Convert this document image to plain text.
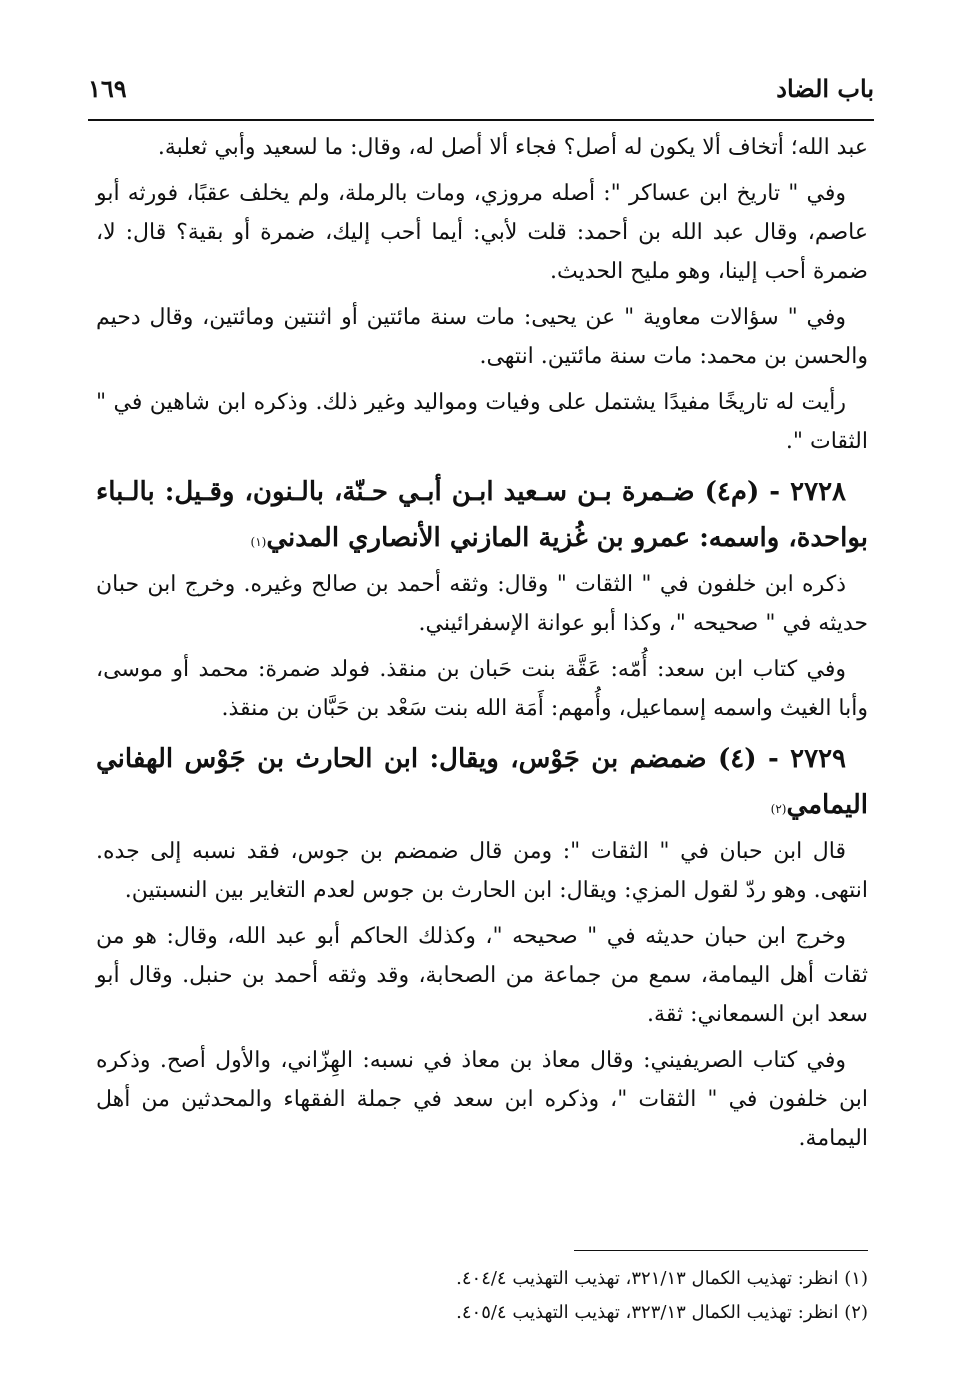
باب الضاد
١٦٩

عبد الله؛ أتخاف ألا يكون له أصل؟ فجاء ألا أصل له، وقال: ما لسعيد وأبي ثعلبة.

وفي " تاريخ ابن عساكر ": أصله مروزي، ومات بالرملة، ولم يخلف عقبًا، فورثه أبو عاصم، وقال عبد الله بن أحمد: قلت لأبي: أيما أحب إليك، ضمرة أو بقية؟ قال: لا، ضمرة أحب إلينا، وهو مليح الحديث.

وفي " سؤالات معاوية " عن يحيى: مات سنة مائتين أو اثنتين ومائتين، وقال دحيم والحسن بن محمد: مات سنة مائتين. انتهى.

رأيت له تاريخًا مفيدًا يشتمل على وفيات ومواليد وغير ذلك. وذكره ابن شاهين في " الثقات ".

٢٧٢٨ - (م٤) ضـمرة بـن سـعيد ابـن أبـي حـنّة، بالـنون، وقـيل: بالـباء بواحدة، واسمه: عمرو بن غُزية المازني الأنصاري المدني$^{(١)}$

ذكره ابن خلفون في " الثقات " وقال: وثقه أحمد بن صالح وغيره. وخرج ابن حبان حديثه في " صحيحه "، وكذا أبو عوانة الإسفرائيني.

وفي كتاب ابن سعد: أُمّه: عَقَّة بنت حَبان بن منقذ. فولد ضمرة: محمد أو موسى، وأبا الغيث واسمه إسماعيل، وأُمهم: أَمَة الله بنت سَعْد بن حَبَّان بن منقذ.

٢٧٢٩ - (٤) ضمضم بن جَوْس، ويقال: ابن الحارث بن جَوْس الهفاني اليمامي$^{(٢)}$

قال ابن حبان في " الثقات ": ومن قال ضمضم بن جوس، فقد نسبه إلى جده. انتهى. وهو ردّ لقول المزي: ويقال: ابن الحارث بن جوس لعدم التغاير بين النسبتين.

وخرج ابن حبان حديثه في " صحيحه "، وكذلك الحاكم أبو عبد الله، وقال: هو من ثقات أهل اليمامة، سمع من جماعة من الصحابة، وقد وثقه أحمد بن حنبل. وقال أبو سعد ابن السمعاني: ثقة.

وفي كتاب الصريفيني: وقال معاذ بن معاذ في نسبه: الهِزّاني، والأول أصح. وذكره ابن خلفون في " الثقات "، وذكره ابن سعد في جملة الفقهاء والمحدثين من أهل اليمامة.

(١) انظر: تهذيب الكمال ٣٢١/١٣، تهذيب التهذيب ٤٠٤/٤.

(٢) انظر: تهذيب الكمال ٣٢٣/١٣، تهذيب التهذيب ٤٠٥/٤.
